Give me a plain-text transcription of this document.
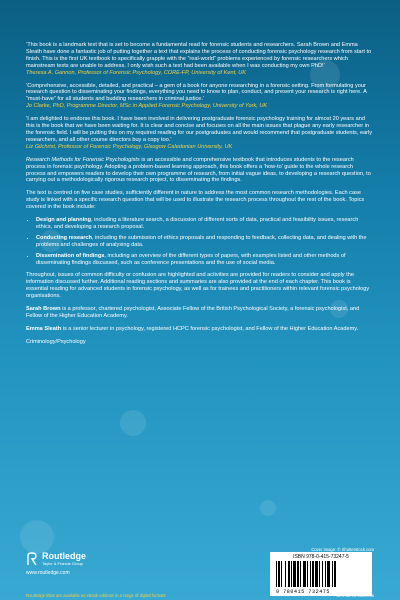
‘This book is a landmark text that is set to become a fundamental read for forensic students and researchers. Sarah Brown and Emma Sleath have done a fantastic job of putting together a text that explains the process of conducting forensic psychology research from start to finish. This is the first UK textbook to specifically grapple with the “real-world” problems experienced by forensic researchers which mainstream texts are unable to address. I only wish such a text had been available when I was conducting my own PhD!’
Theresa A. Gannon, Professor of Forensic Psychology, CORE-FP, University of Kent, UK

‘Comprehensive, accessible, detailed, and practical – a gem of a book for anyone researching in a forensic setting. From formulating your research question to disseminating your findings, everything you need to know to plan, conduct, and present your research is right here. A “must-have” for all students and budding researchers in criminal justice.’
Jo Clarke, PhD, Programme Director, MSc in Applied Forensic Psychology, University of York, UK

‘I am delighted to endorse this book. I have been involved in delivering postgraduate forensic psychology training for almost 20 years and this is the book that we have been waiting for. It is clear and concise and focuses on all the main issues that plague any early researcher in the forensic field. I will be putting this on my required reading for our postgraduates and would recommend that postgraduate students, early researchers, and all other course directors buy a copy too.’
Liz Gilchrist, Professor of Forensic Psychology, Glasgow Caledonian University, UK

Research Methods for Forensic Psychologists is an accessible and comprehensive textbook that introduces students to the research process in forensic psychology. Adopting a problem-based learning approach, this book offers a ‘how-to’ guide to the whole research process and empowers readers to develop their own programme of research, from initial vague ideas, to developing a research question, to carrying out a methodologically rigorous research project, to disseminating the findings.

The text is centred on five case studies, sufficiently different in nature to address the most common research methodologies. Each case study is linked with a specific research question that will be used to illustrate the research process throughout the rest of the book. Topics covered in the book include:

• Design and planning, including a literature search, a discussion of different sorts of data, practical and feasibility issues, research ethics, and developing a research proposal.
• Conducting research, including the submission of ethics proposals and responding to feedback, collecting data, and dealing with the problems and challenges of analysing data.
• Dissemination of findings, including an overview of the different types of papers, with examples listed and other methods of disseminating findings discussed, such as conference presentations and the use of social media.

Throughout, issues of common difficulty or confusion are highlighted and activities are provided for readers to consider and apply the information discussed further. Additional reading sections and summaries are also provided at the end of each chapter. This book is essential reading for advanced students in forensic psychology, as well as for trainees and practitioners within relevant forensic psychology organisations.

Sarah Brown is a professor, chartered psychologist, Associate Fellow of the British Psychological Society, a forensic psychologist, and Fellow of the Higher Education Academy.

Emma Sleath is a senior lecturer in psychology, registered HCPC forensic psychologist, and Fellow of the Higher Education Academy.

Criminology/Psychology

Routledge
Taylor & Francis Group
www.routledge.com
Cover image: © Shutterstock.com
ISBN 978-0-415-73247-5
9 780415 732475
Routledge titles are available as eBook editions in a range of digital formats	an informa business
